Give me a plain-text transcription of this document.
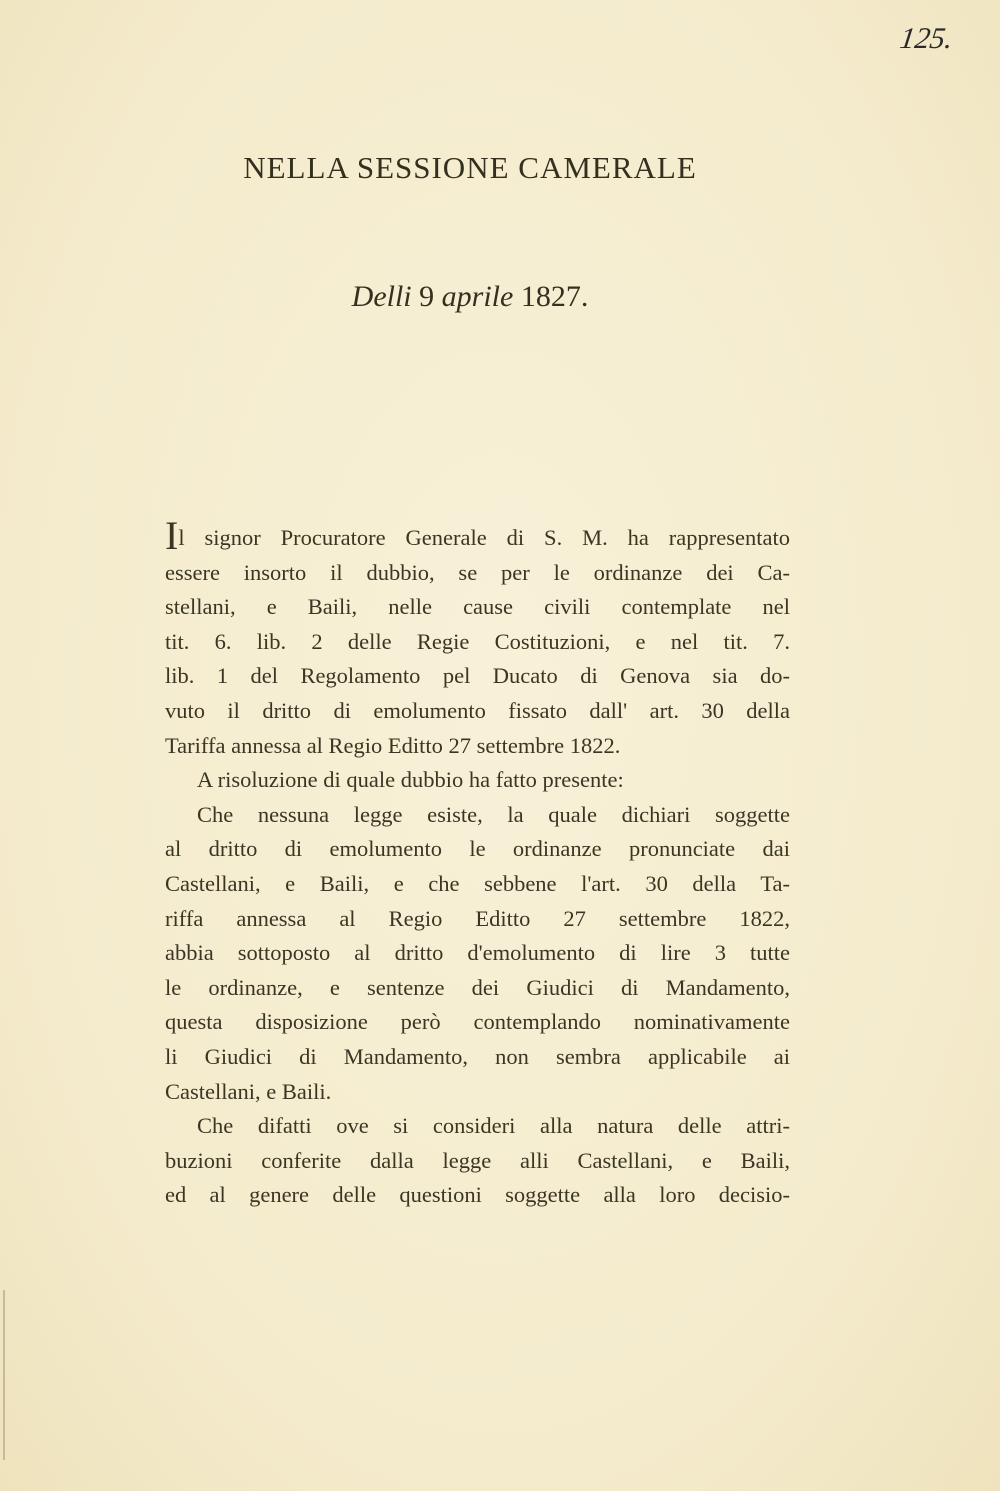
125.
NELLA SESSIONE CAMERALE
Delli 9 aprile 1827.
Il signor Procuratore Generale di S. M. ha rappresentato
essere insorto il dubbio, se per le ordinanze dei Ca-
stellani, e Baili, nelle cause civili contemplate nel
tit. 6. lib. 2 delle Regie Costituzioni, e nel tit. 7.
lib. 1 del Regolamento pel Ducato di Genova sia do-
vuto il dritto di emolumento fissato dall' art. 30 della
Tariffa annessa al Regio Editto 27 settembre 1822.
A risoluzione di quale dubbio ha fatto presente:
Che nessuna legge esiste, la quale dichiari soggette
al dritto di emolumento le ordinanze pronunciate dai
Castellani, e Baili, e che sebbene l'art. 30 della Ta-
riffa annessa al Regio Editto 27 settembre 1822,
abbia sottoposto al dritto d'emolumento di lire 3 tutte
le ordinanze, e sentenze dei Giudici di Mandamento,
questa disposizione però contemplando nominativamente
li Giudici di Mandamento, non sembra applicabile ai
Castellani, e Baili.
Che difatti ove si consideri alla natura delle attri-
buzioni conferite dalla legge alli Castellani, e Baili,
ed al genere delle questioni soggette alla loro decisio-
